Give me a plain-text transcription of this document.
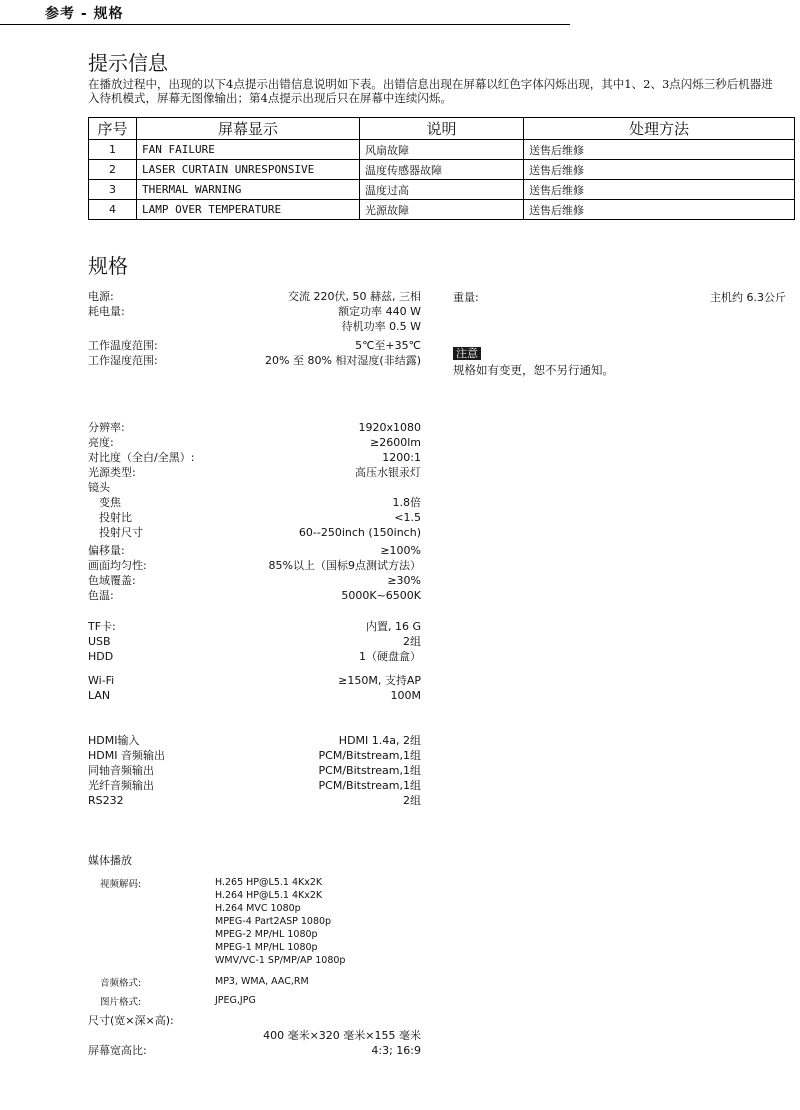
参考 - 规格
提示信息
在播放过程中，出现的以下4点提示出错信息说明如下表。出错信息出现在屏幕以红色字体闪烁出现，其中1、2、3点闪烁三秒后机器进入待机模式，屏幕无图像输出；第4点提示出现后只在屏幕中连续闪烁。
序号	屏幕显示	说明	处理方法
1	FAN FAILURE	风扇故障	送售后维修
2	LASER CURTAIN UNRESPONSIVE	温度传感器故障	送售后维修
3	THERMAL WARNING	温度过高	送售后维修
4	LAMP OVER TEMPERATURE	光源故障	送售后维修
规格
电源:	交流 220伏, 50 赫兹, 三相
耗电量:	额定功率 440 W
待机功率 0.5 W
工作温度范围:	5℃至+35℃
工作湿度范围:	20% 至 80% 相对湿度(非结露)
重量:	主机约 6.3公斤
注意
规格如有变更，恕不另行通知。
分辨率:	1920x1080
亮度:	≥2600lm
对比度（全白/全黑）:	1200:1
光源类型:	高压水银汞灯
镜头
变焦	1.8倍
投射比	<1.5
投射尺寸	60--250inch (150inch)
偏移量:	≥100%
画面均匀性:	85%以上（国标9点测试方法）
色域覆盖:	≥30%
色温:	5000K~6500K
TF卡:	内置, 16 G
USB	2组
HDD	1（硬盘盒）
Wi-Fi	≥150M, 支持AP
LAN	100M
HDMI输入	HDMI 1.4a, 2组
HDMI 音频输出	PCM/Bitstream,1组
同轴音频输出	PCM/Bitstream,1组
光纤音频输出	PCM/Bitstream,1组
RS232	2组
媒体播放
视频解码:	H.265 HP@L5.1 4Kx2K
H.264 HP@L5.1 4Kx2K
H.264 MVC 1080p
MPEG-4 Part2ASP 1080p
MPEG-2 MP/HL 1080p
MPEG-1 MP/HL 1080p
WMV/VC-1 SP/MP/AP 1080p
音频格式:	MP3, WMA, AAC,RM
图片格式:	JPEG,JPG
尺寸(宽×深×高):
400 毫米×320 毫米×155 毫米
屏幕宽高比:	4:3; 16:9
